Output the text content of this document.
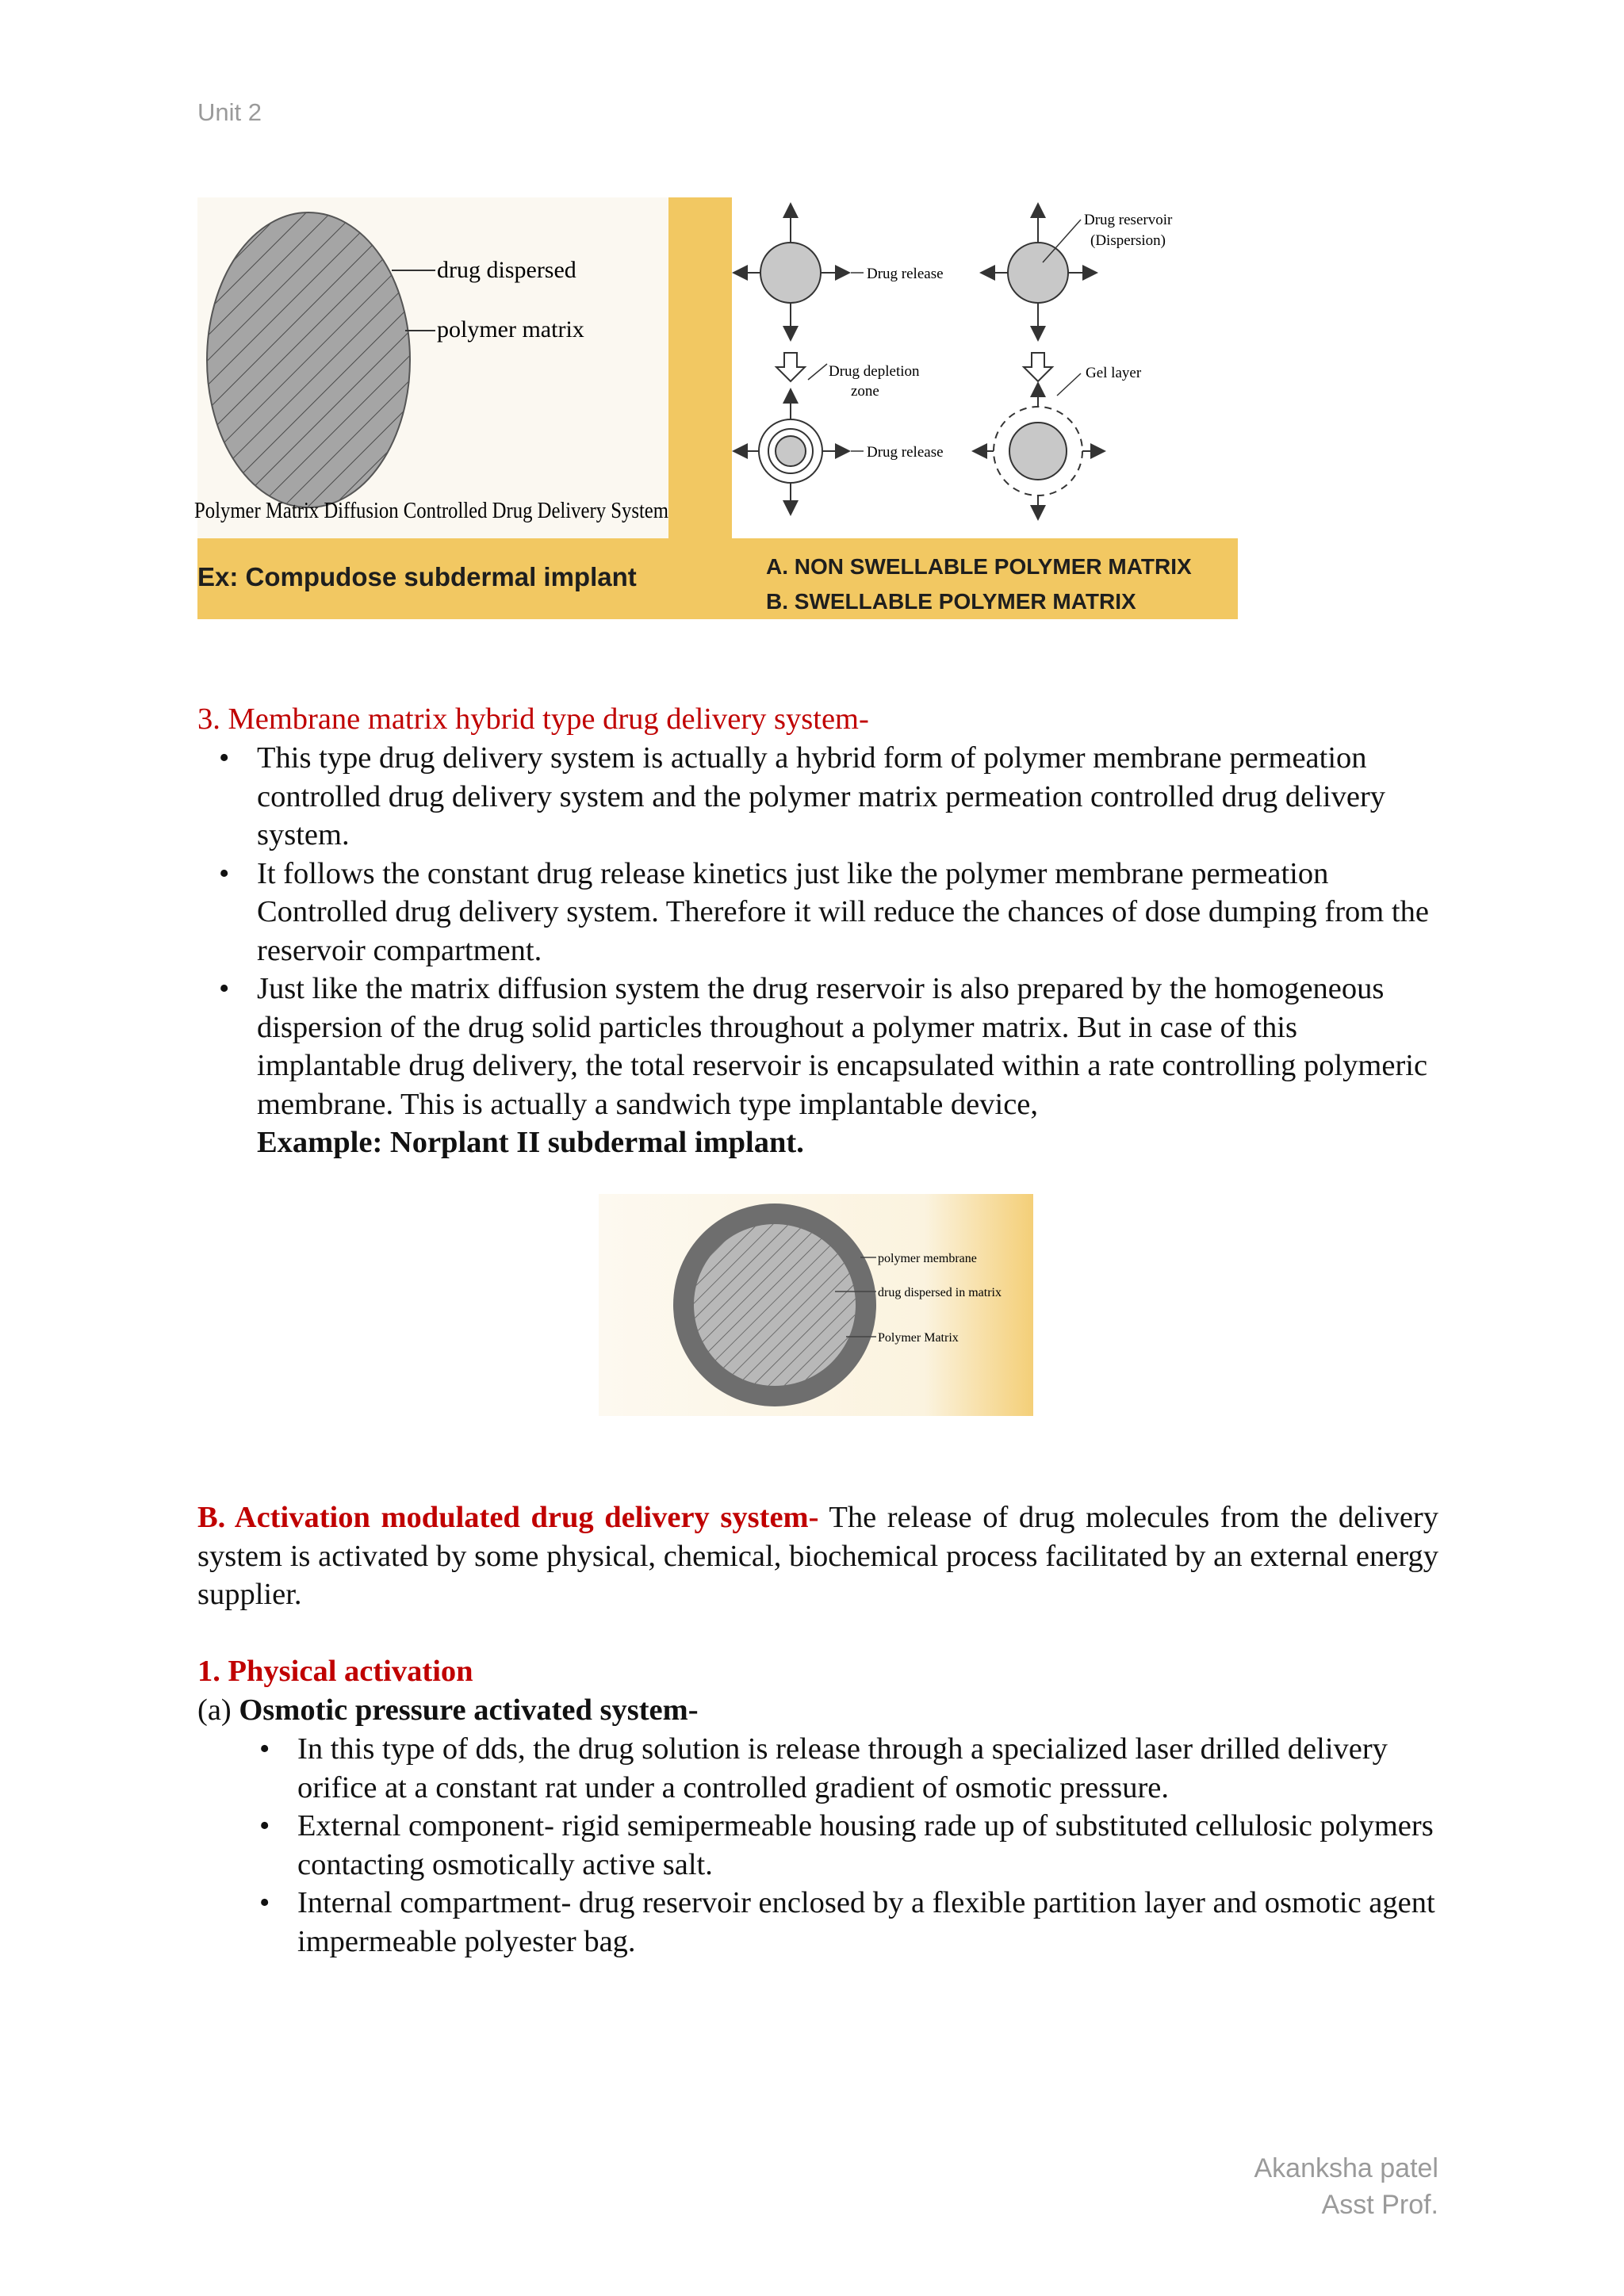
Unit 2
drug dispersed
polymer matrix
Polymer Matrix Diffusion Controlled Drug Delivery System
Drug release
Drug depletion
zone
Drug release
Drug reservoir
(Dispersion)
Gel layer
Ex: Compudose subdermal implant	A. NON SWELLABLE POLYMER MATRIX
B. SWELLABLE POLYMER MATRIX
3. Membrane matrix hybrid type drug delivery system-
• This type drug delivery system is actually a hybrid form of polymer membrane permeation controlled drug delivery system and the polymer matrix permeation controlled drug delivery system.
• It follows the constant drug release kinetics just like the polymer membrane permeation Controlled drug delivery system. Therefore it will reduce the chances of dose dumping from the reservoir compartment.
• Just like the matrix diffusion system the drug reservoir is also prepared by the homogeneous dispersion of the drug solid particles throughout a polymer matrix. But in case of this implantable drug delivery, the total reservoir is encapsulated within a rate controlling polymeric membrane. This is actually a sandwich type implantable device,
Example: Norplant II subdermal implant.
polymer membrane
drug dispersed in matrix
Polymer Matrix
B. Activation modulated drug delivery system- The release of drug molecules from the delivery system is activated by some physical, chemical, biochemical process facilitated by an external energy supplier.
1. Physical activation
(a) Osmotic pressure activated system-
• In this type of dds, the drug solution is release through a specialized laser drilled delivery orifice at a constant rat under a controlled gradient of osmotic pressure.
• External component- rigid semipermeable housing rade up of substituted cellulosic polymers contacting osmotically active salt.
• Internal compartment- drug reservoir enclosed by a flexible partition layer and osmotic agent impermeable polyester bag.
Akanksha patel
Asst Prof.
